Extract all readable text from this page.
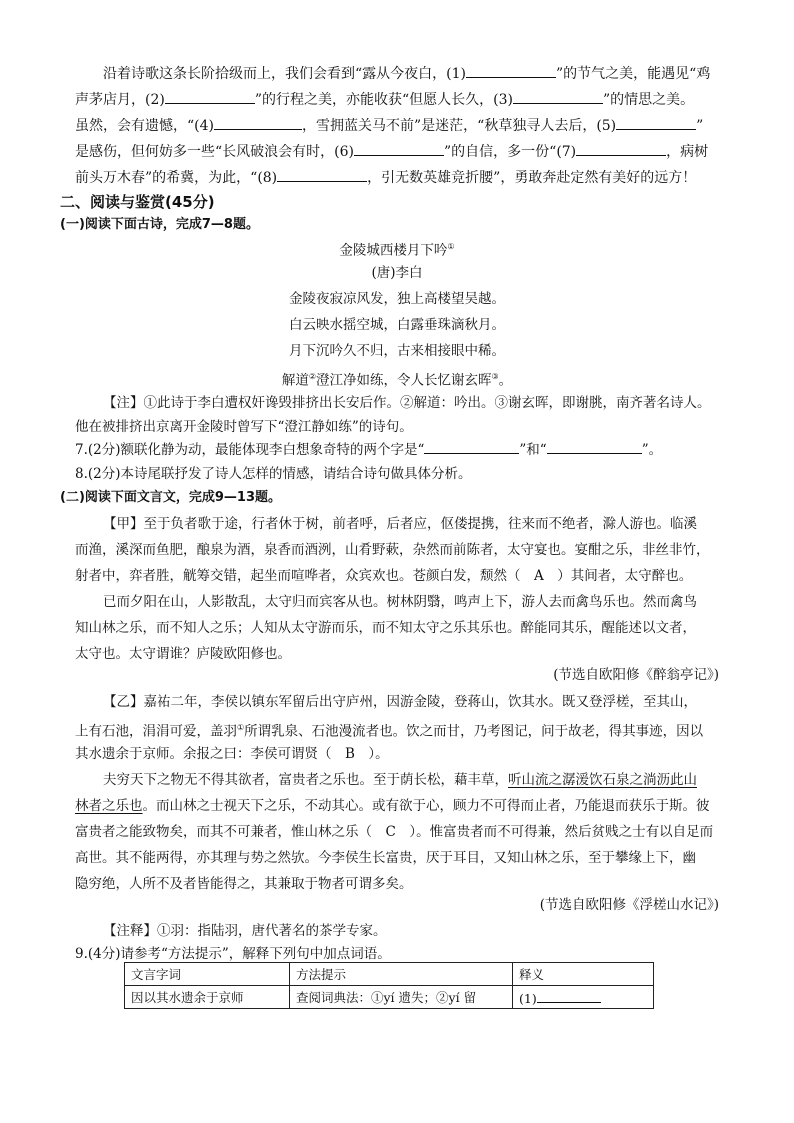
沿着诗歌这条长阶拾级而上，我们会看到“露从今夜白，(1)	”的节气之美，能遇见“鸡
声茅店月，(2)	”的行程之美，亦能收获“但愿人长久，(3)	”的情思之美。
虽然，会有遗憾，“(4)	，雪拥蓝关马不前”是迷茫，“秋草独寻人去后，(5)	”
是感伤，但何妨多一些“长风破浪会有时，(6)	”的自信，多一份“(7)	，病树
前头万木春”的希冀，为此，“(8)	，引无数英雄竞折腰”，勇敢奔赴定然有美好的远方！
二、阅读与鉴赏(45分)
(一)阅读下面古诗，完成7—8题。
金陵城西楼月下吟①
(唐)李白
金陵夜寂凉风发，独上高楼望吴越。
白云映水摇空城，白露垂珠滴秋月。
月下沉吟久不归，古来相接眼中稀。
解道②澄江净如练，令人长忆谢玄晖③。
【注】①此诗于李白遭权奸谗毁排挤出长安后作。②解道：吟出。③谢玄晖，即谢朓，南齐著名诗人。
他在被排挤出京离开金陵时曾写下“澄江静如练”的诗句。
7.(2分)额联化静为动，最能体现李白想象奇特的两个字是“	”和“	”。
8.(2分)本诗尾联抒发了诗人怎样的情感，请结合诗句做具体分析。
(二)阅读下面文言文，完成9—13题。
【甲】至于负者歌于途，行者休于树，前者呼，后者应，伛偻提携，往来而不绝者，滁人游也。临溪
而渔，溪深而鱼肥，酿泉为酒，泉香而酒洌，山肴野蔌，杂然而前陈者，太守宴也。宴酣之乐，非丝非竹，
射者中，弈者胜，觥筹交错，起坐而喧哗者，众宾欢也。苍颜白发，颓然（　A　）其间者，太守醉也。
已而夕阳在山，人影散乱，太守归而宾客从也。树林阴翳，鸣声上下，游人去而禽鸟乐也。然而禽鸟
知山林之乐，而不知人之乐；人知从太守游而乐，而不知太守之乐其乐也。醉能同其乐，醒能述以文者，
太守也。太守谓谁？庐陵欧阳修也。
(节选自欧阳修《醉翁亭记》)
【乙】嘉祐二年，李侯以镇东军留后出守庐州，因游金陵，登蒋山，饮其水。既又登浮槎，至其山，
上有石池，涓涓可爱，盖羽①所谓乳泉、石池漫流者也。饮之而甘，乃考图记，问于故老，得其事迹，因以
其水遗余于京师。余报之曰：李侯可谓贤（　B　）。
夫穷天下之物无不得其欲者，富贵者之乐也。至于荫长松，藉丰草，听山流之潺湲饮石泉之淌沥此山
林者之乐也。而山林之士视天下之乐，不动其心。或有欲于心，顾力不可得而止者，乃能退而获乐于斯。彼
富贵者之能致物矣，而其不可兼者，惟山林之乐（　C　）。惟富贵者而不可得兼，然后贫贱之士有以自足而
高世。其不能两得，亦其理与势之然欤。今李侯生长富贵，厌于耳目，又知山林之乐，至于攀缘上下，幽
隐穷绝，人所不及者皆能得之，其兼取于物者可谓多矣。
(节选自欧阳修《浮槎山水记》)
【注释】①羽：指陆羽，唐代著名的茶学专家。
9.(4分)请参考“方法提示”，解释下列句中加点词语。
文言字词	方法提示	释义
因以其水遗余于京师	查阅词典法：①yí 遗失；②yí 留	(1)
